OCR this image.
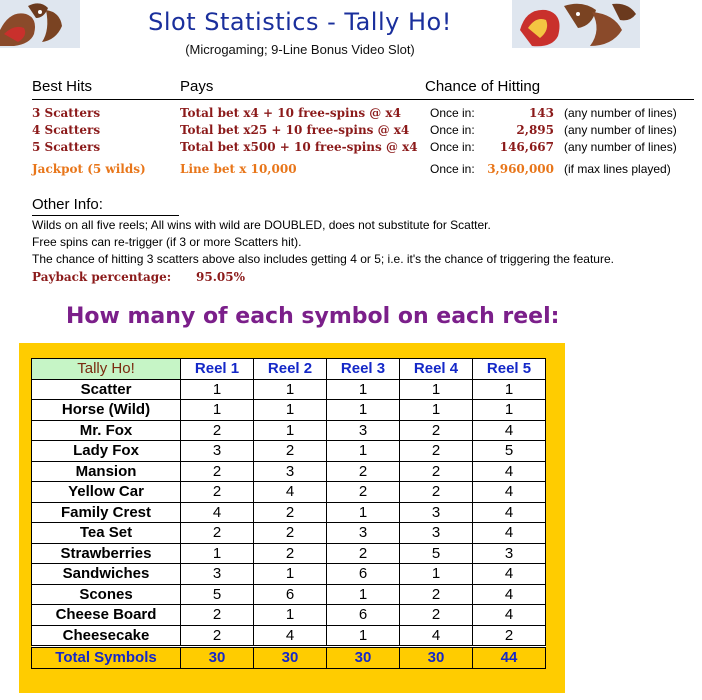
Slot Statistics - Tally Ho!
(Microgaming; 9-Line Bonus Video Slot)
Best Hits	Pays	Chance of Hitting
3 Scatters	Total bet x4 + 10 free-spins @ x4 Once in:	143 (any number of lines)
4 Scatters	Total bet x25 + 10 free-spins @ x4 Once in:	2,895 (any number of lines)
5 Scatters	Total bet x500 + 10 free-spins @ x4 Once in:	146,667 (any number of lines)
Jackpot (5 wilds)	Line bet x 10,000	Once in:	3,960,000 (if max lines played)
Other Info:
Wilds on all five reels; All wins with wild are DOUBLED, does not substitute for Scatter.
Free spins can re-trigger (if 3 or more Scatters hit).
The chance of hitting 3 scatters above also includes getting 4 or 5; i.e. it's the chance of triggering the feature.
Payback percentage: 95.05%
How many of each symbol on each reel:
Tally Ho!	Reel 1	Reel 2	Reel 3	Reel 4	Reel 5
Scatter	1	1	1	1	1
Horse (Wild)	1	1	1	1	1
Mr. Fox	2	1	3	2	4
Lady Fox	3	2	1	2	5
Mansion	2	3	2	2	4
Yellow Car	2	4	2	2	4
Family Crest	4	2	1	3	4
Tea Set	2	2	3	3	4
Strawberries	1	2	2	5	3
Sandwiches	3	1	6	1	4
Scones	5	6	1	2	4
Cheese Board	2	1	6	2	4
Cheesecake	2	4	1	4	2
Total Symbols	30	30	30	30	44
